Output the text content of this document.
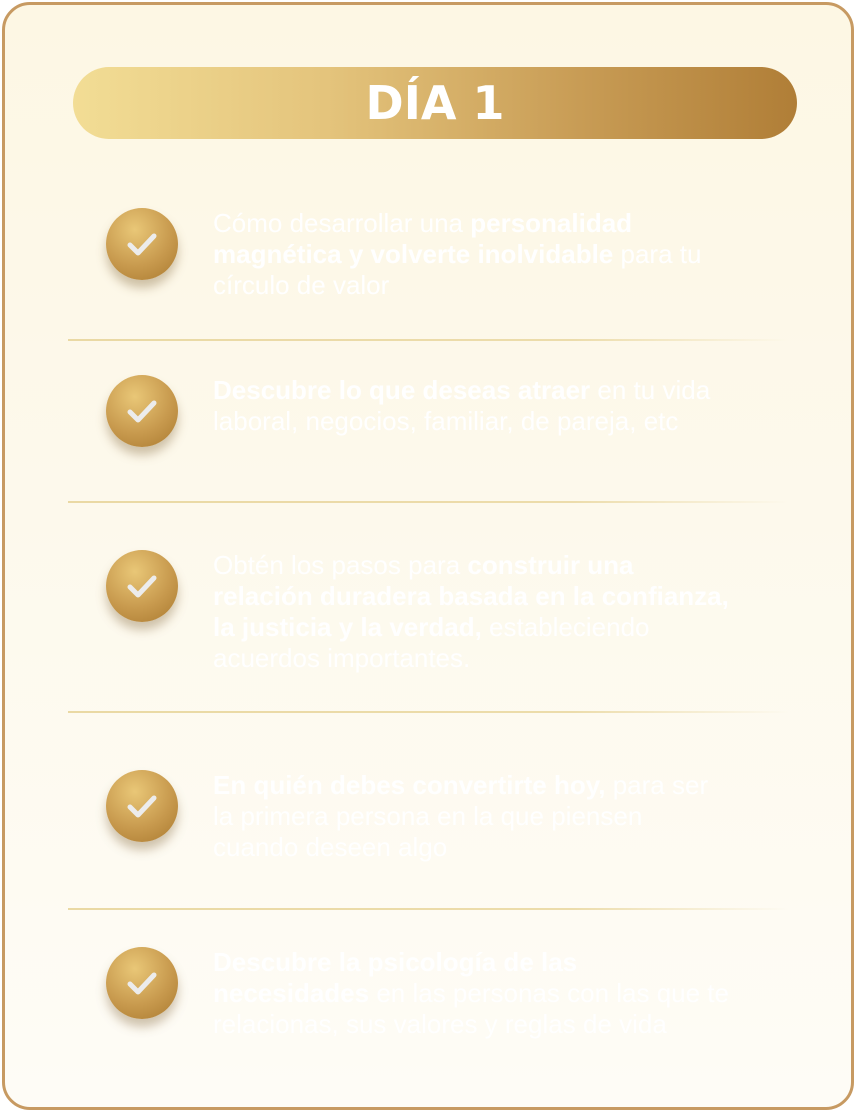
DÍA 1
Cómo desarrollar una personalidad magnética y volverte inolvidable para tu círculo de valor
Descubre lo que deseas atraer en tu vida laboral, negocios, familiar, de pareja, etc
Obtén los pasos para construir una relación duradera basada en la confianza, la justicia y la verdad, estableciendo acuerdos importantes.
En quién debes convertirte hoy, para ser la primera persona en la que piensen cuando deseen algo
Descubre la psicología de las necesidades en las personas con las que te relacionas, sus valores y reglas de vida
